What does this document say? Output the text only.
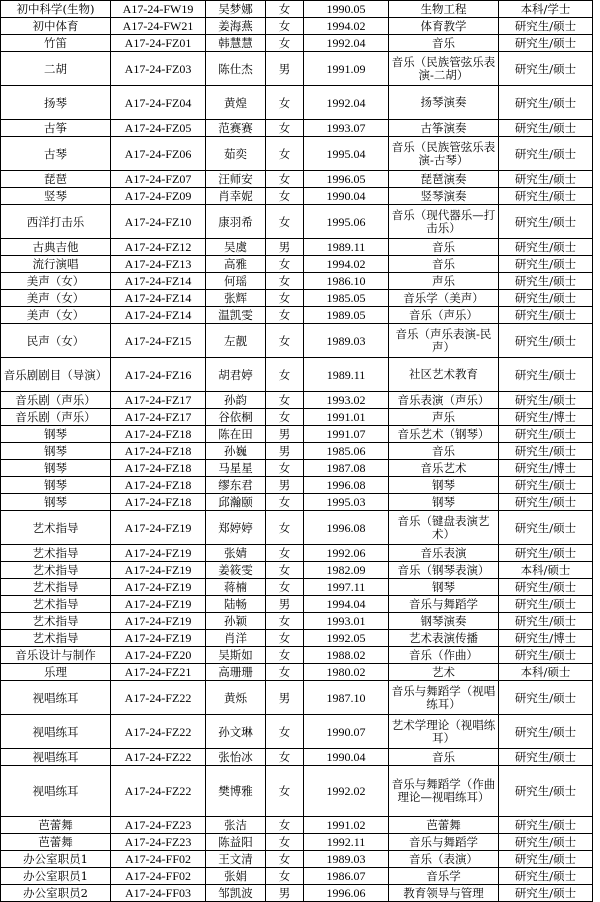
初中科学(生物)	A17-24-FW19	吴梦娜	女	1990.05	生物工程	本科/学士
初中体育	A17-24-FW21	姜海燕	女	1994.02	体育教学	研究生/硕士
竹笛	A17-24-FZ01	韩慧慧	女	1992.04	音乐	研究生/硕士
二胡	A17-24-FZ03	陈仕杰	男	1991.09	音乐（民族管弦乐表演-二胡）	研究生/硕士
扬琴	A17-24-FZ04	黄煌	女	1992.04	扬琴演奏	研究生/硕士
古筝	A17-24-FZ05	范赛赛	女	1993.07	古筝演奏	研究生/硕士
古琴	A17-24-FZ06	茹奕	女	1995.04	音乐（民族管弦乐表演-古琴）	研究生/硕士
琵琶	A17-24-FZ07	汪师安	女	1996.05	琵琶演奏	研究生/硕士
竖琴	A17-24-FZ09	肖幸妮	女	1990.04	竖琴演奏	研究生/硕士
西洋打击乐	A17-24-FZ10	康羽希	女	1995.06	音乐（现代器乐—打击乐）	研究生/硕士
古典吉他	A17-24-FZ12	吴虞	男	1989.11	音乐	研究生/硕士
流行演唱	A17-24-FZ13	高雅	女	1994.02	音乐	研究生/硕士
美声（女）	A17-24-FZ14	何瑶	女	1986.10	声乐	研究生/硕士
美声（女）	A17-24-FZ14	张辉	女	1985.05	音乐学（美声）	研究生/硕士
美声（女）	A17-24-FZ14	温凯雯	女	1989.05	音乐（声乐）	研究生/硕士
民声（女）	A17-24-FZ15	左靓	女	1989.03	音乐（声乐表演-民声）	研究生/硕士
音乐剧剧目（导演）	A17-24-FZ16	胡君婷	女	1989.11	社区艺术教育	研究生/硕士
音乐剧（声乐）	A17-24-FZ17	孙韵	女	1993.02	音乐表演（声乐）	研究生/硕士
音乐剧（声乐）	A17-24-FZ17	谷依桐	女	1991.01	声乐	研究生/博士
钢琴	A17-24-FZ18	陈在田	男	1991.07	音乐艺术（钢琴）	研究生/硕士
钢琴	A17-24-FZ18	孙巍	男	1985.06	音乐	研究生/硕士
钢琴	A17-24-FZ18	马星星	女	1987.08	音乐艺术	研究生/博士
钢琴	A17-24-FZ18	缪东君	男	1996.08	钢琴	研究生/硕士
钢琴	A17-24-FZ18	邱瀚颐	女	1995.03	钢琴	研究生/硕士
艺术指导	A17-24-FZ19	郑婷婷	女	1996.08	音乐（键盘表演艺术）	研究生/硕士
艺术指导	A17-24-FZ19	张婧	女	1992.06	音乐表演	研究生/硕士
艺术指导	A17-24-FZ19	姜筱雯	女	1982.09	音乐（钢琴表演）	本科/硕士
艺术指导	A17-24-FZ19	蒋楠	女	1997.11	钢琴	研究生/硕士
艺术指导	A17-24-FZ19	陆畅	男	1994.04	音乐与舞蹈学	研究生/硕士
艺术指导	A17-24-FZ19	孙颖	女	1993.01	钢琴演奏	研究生/硕士
艺术指导	A17-24-FZ19	肖洋	女	1992.05	艺术表演传播	研究生/博士
音乐设计与制作	A17-24-FZ20	吴斯如	女	1988.02	音乐（作曲）	研究生/硕士
乐理	A17-24-FZ21	高珊珊	女	1980.02	艺术	本科/硕士
视唱练耳	A17-24-FZ22	黄烁	男	1987.10	音乐与舞蹈学（视唱练耳）	研究生/硕士
视唱练耳	A17-24-FZ22	孙文琳	女	1990.07	艺术学理论（视唱练耳）	研究生/硕士
视唱练耳	A17-24-FZ22	张怡冰	女	1990.04	音乐	研究生/硕士
视唱练耳	A17-24-FZ22	樊博雅	女	1992.02	音乐与舞蹈学（作曲理论—视唱练耳）	研究生/硕士
芭蕾舞	A17-24-FZ23	张洁	女	1991.02	芭蕾舞	研究生/硕士
芭蕾舞	A17-24-FZ23	陈益阳	女	1992.11	音乐与舞蹈学	研究生/硕士
办公室职员1	A17-24-FF02	王文清	女	1989.03	音乐（表演）	研究生/硕士
办公室职员1	A17-24-FF02	张娟	女	1986.07	音乐学	研究生/硕士
办公室职员2	A17-24-FF03	邹凯波	男	1996.06	教育领导与管理	研究生/硕士
